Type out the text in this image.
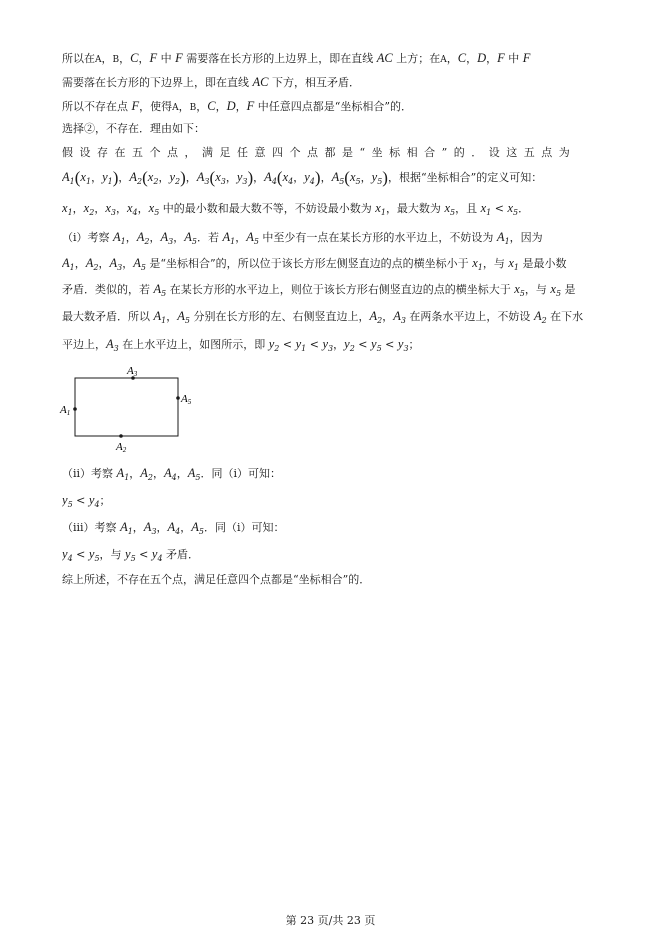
所以在A，B，C，F 中 F 需要落在长方形的上边界上，即在直线 AC 上方；在A，C，D，F 中 F
需要落在长方形的下边界上，即在直线 AC 下方，相互矛盾．
所以不存在点 F，使得A，B，C，D，F 中任意四点都是“坐标相合”的．
选择②，不存在．理由如下：
假设存在五个点，满足任意四个点都是“坐标相合”的．设这五点为
$A_1(x_1$，$y_1$)，$A_2(x_2$，$y_2$)，$A_3(x_3$，$y_3$)，$A_4(x_4$，$y_4$)，$A_5(x_5$，$y_5$)，根据“坐标相合”的定义可知：
$x_1$，$x_2$，$x_3$，$x_4$，$x_5$ 中的最小数和最大数不等，不妨设最小数为 $x_1$，最大数为 $x_5$，且 $x_1 < x_5$．
（i）考察 $A_1$，$A_2$，$A_3$，$A_5$．若 $A_1$，$A_5$ 中至少有一点在某长方形的水平边上，不妨设为 $A_1$，因为
$A_1$，$A_2$，$A_3$，$A_5$ 是“坐标相合”的，所以位于该长方形左侧竖直边的点的横坐标小于 $x_1$，与 $x_1$ 是最小数
矛盾．类似的，若 $A_5$ 在某长方形的水平边上，则位于该长方形右侧竖直边的点的横坐标大于 $x_5$，与 $x_5$ 是
最大数矛盾．所以 $A_1$，$A_5$ 分别在长方形的左、右侧竖直边上，$A_2$，$A_3$ 在两条水平边上，不妨设 $A_2$ 在下水
平边上，$A_3$ 在上水平边上，如图所示，即 $y_2 < y_1 < y_3$，$y_2 < y_5 < y_3$；
A3
A5
A1
A2
（ii）考察 $A_1$，$A_2$，$A_4$，$A_5$．同（i）可知：
$y_5 < y_4$；
（iii）考察 $A_1$，$A_3$，$A_4$，$A_5$．同（i）可知：
$y_4 < y_5$，与 $y_5 < y_4$ 矛盾．
综上所述，不存在五个点，满足任意四个点都是“坐标相合”的．
第 23 页/共 23 页
